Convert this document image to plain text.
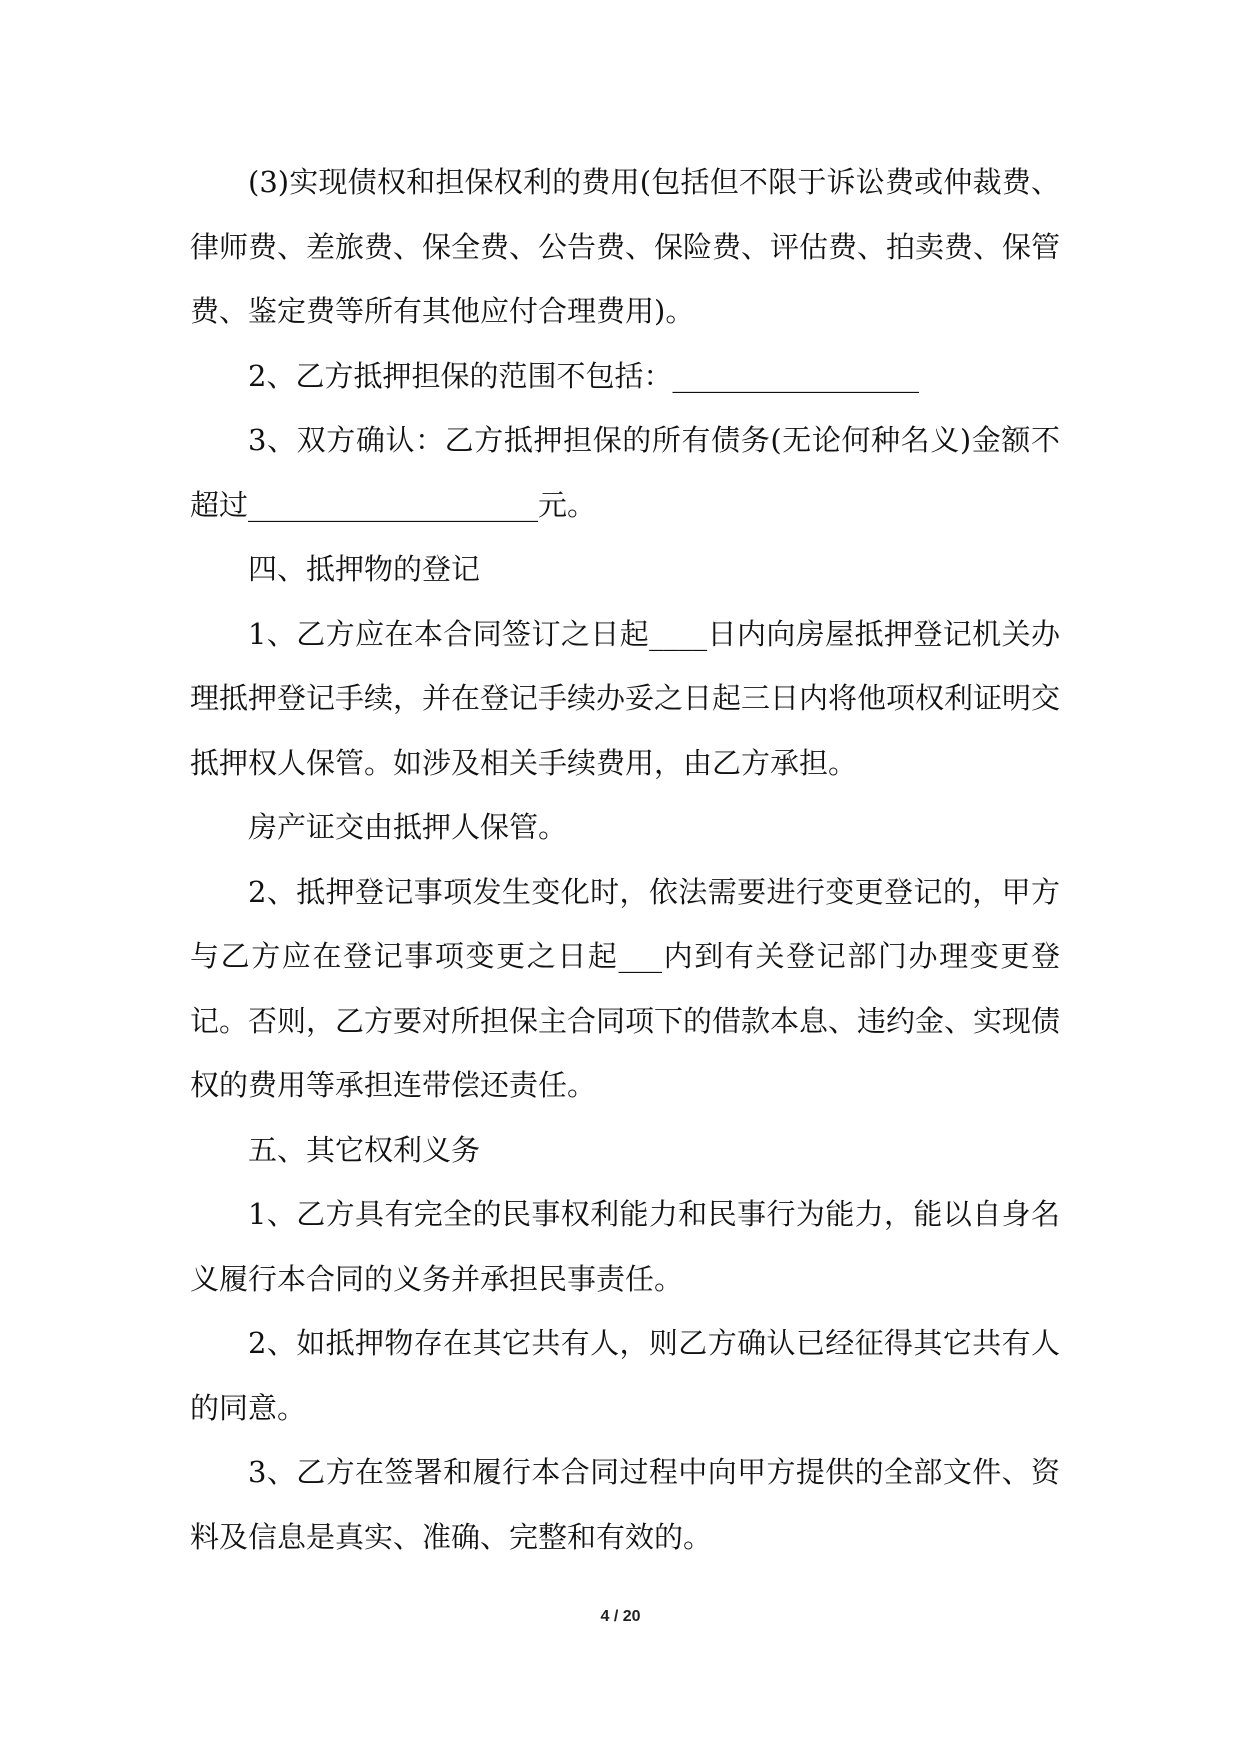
(3)实现债权和担保权利的费用(包括但不限于诉讼费或仲裁费、律师费、差旅费、保全费、公告费、保险费、评估费、拍卖费、保管费、鉴定费等所有其他应付合理费用)。

2、乙方抵押担保的范围不包括：_________________

3、双方确认：乙方抵押担保的所有债务(无论何种名义)金额不超过____________________元。

四、抵押物的登记

1、乙方应在本合同签订之日起____日内向房屋抵押登记机关办理抵押登记手续，并在登记手续办妥之日起三日内将他项权利证明交抵押权人保管。如涉及相关手续费用，由乙方承担。

房产证交由抵押人保管。

2、抵押登记事项发生变化时，依法需要进行变更登记的，甲方与乙方应在登记事项变更之日起___内到有关登记部门办理变更登记。否则，乙方要对所担保主合同项下的借款本息、违约金、实现债权的费用等承担连带偿还责任。

五、其它权利义务

1、乙方具有完全的民事权利能力和民事行为能力，能以自身名义履行本合同的义务并承担民事责任。

2、如抵押物存在其它共有人，则乙方确认已经征得其它共有人的同意。

3、乙方在签署和履行本合同过程中向甲方提供的全部文件、资料及信息是真实、准确、完整和有效的。

4 / 20
